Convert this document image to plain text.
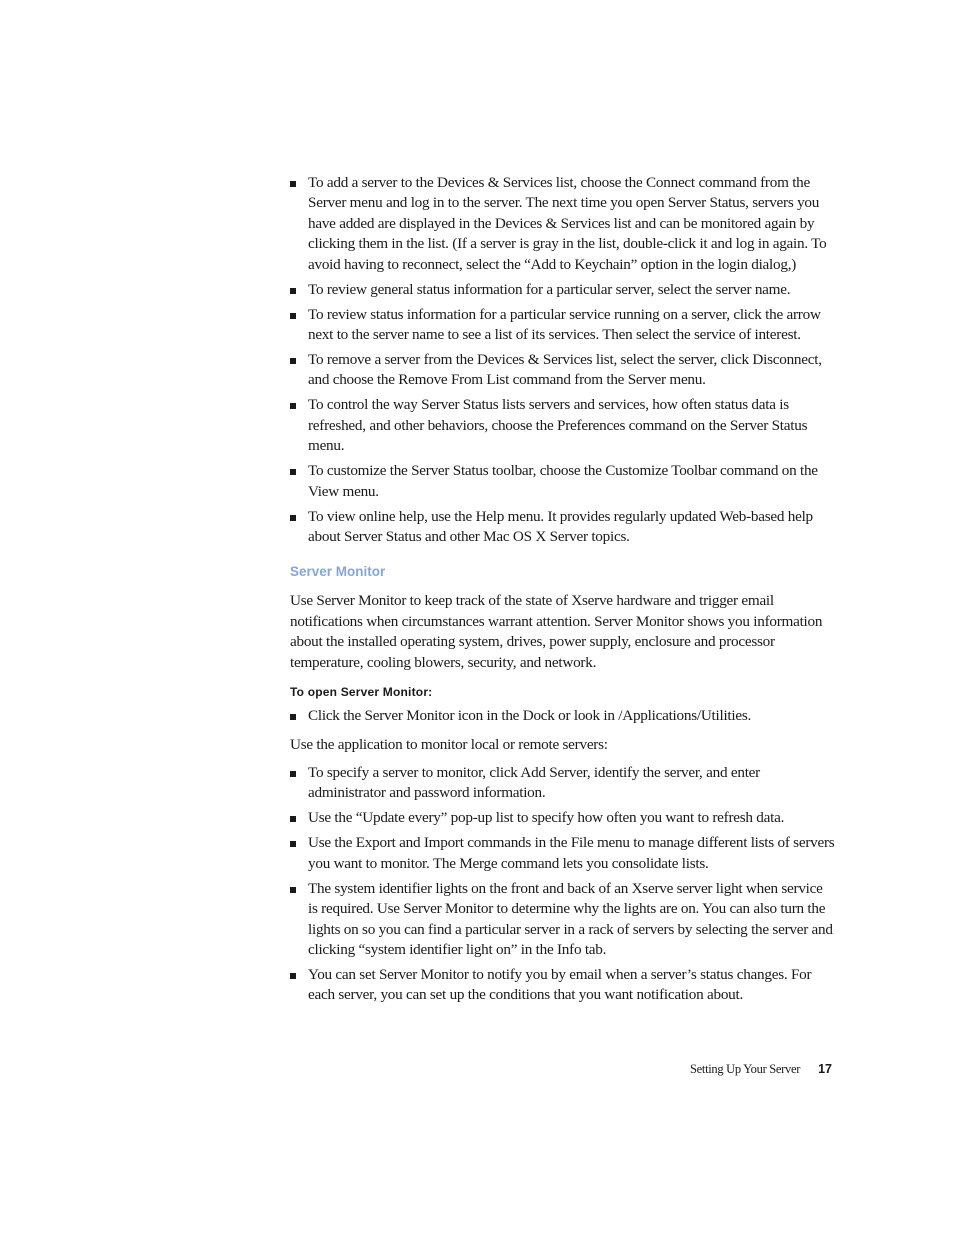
To add a server to the Devices & Services list, choose the Connect command from the Server menu and log in to the server. The next time you open Server Status, servers you have added are displayed in the Devices & Services list and can be monitored again by clicking them in the list. (If a server is gray in the list, double-click it and log in again. To avoid having to reconnect, select the “Add to Keychain” option in the login dialog,)
To review general status information for a particular server, select the server name.
To review status information for a particular service running on a server, click the arrow next to the server name to see a list of its services. Then select the service of interest.
To remove a server from the Devices & Services list, select the server, click Disconnect, and choose the Remove From List command from the Server menu.
To control the way Server Status lists servers and services, how often status data is refreshed, and other behaviors, choose the Preferences command on the Server Status menu.
To customize the Server Status toolbar, choose the Customize Toolbar command on the View menu.
To view online help, use the Help menu. It provides regularly updated Web-based help about Server Status and other Mac OS X Server topics.
Server Monitor

Use Server Monitor to keep track of the state of Xserve hardware and trigger email notifications when circumstances warrant attention. Server Monitor shows you information about the installed operating system, drives, power supply, enclosure and processor temperature, cooling blowers, security, and network.

To open Server Monitor:
Click the Server Monitor icon in the Dock or look in /Applications/Utilities.

Use the application to monitor local or remote servers:

To specify a server to monitor, click Add Server, identify the server, and enter administrator and password information.
Use the “Update every” pop-up list to specify how often you want to refresh data.
Use the Export and Import commands in the File menu to manage different lists of servers you want to monitor. The Merge command lets you consolidate lists.
The system identifier lights on the front and back of an Xserve server light when service is required. Use Server Monitor to determine why the lights are on. You can also turn the lights on so you can find a particular server in a rack of servers by selecting the server and clicking “system identifier light on” in the Info tab.
You can set Server Monitor to notify you by email when a server’s status changes. For each server, you can set up the conditions that you want notification about.
Setting Up Your Server 17
